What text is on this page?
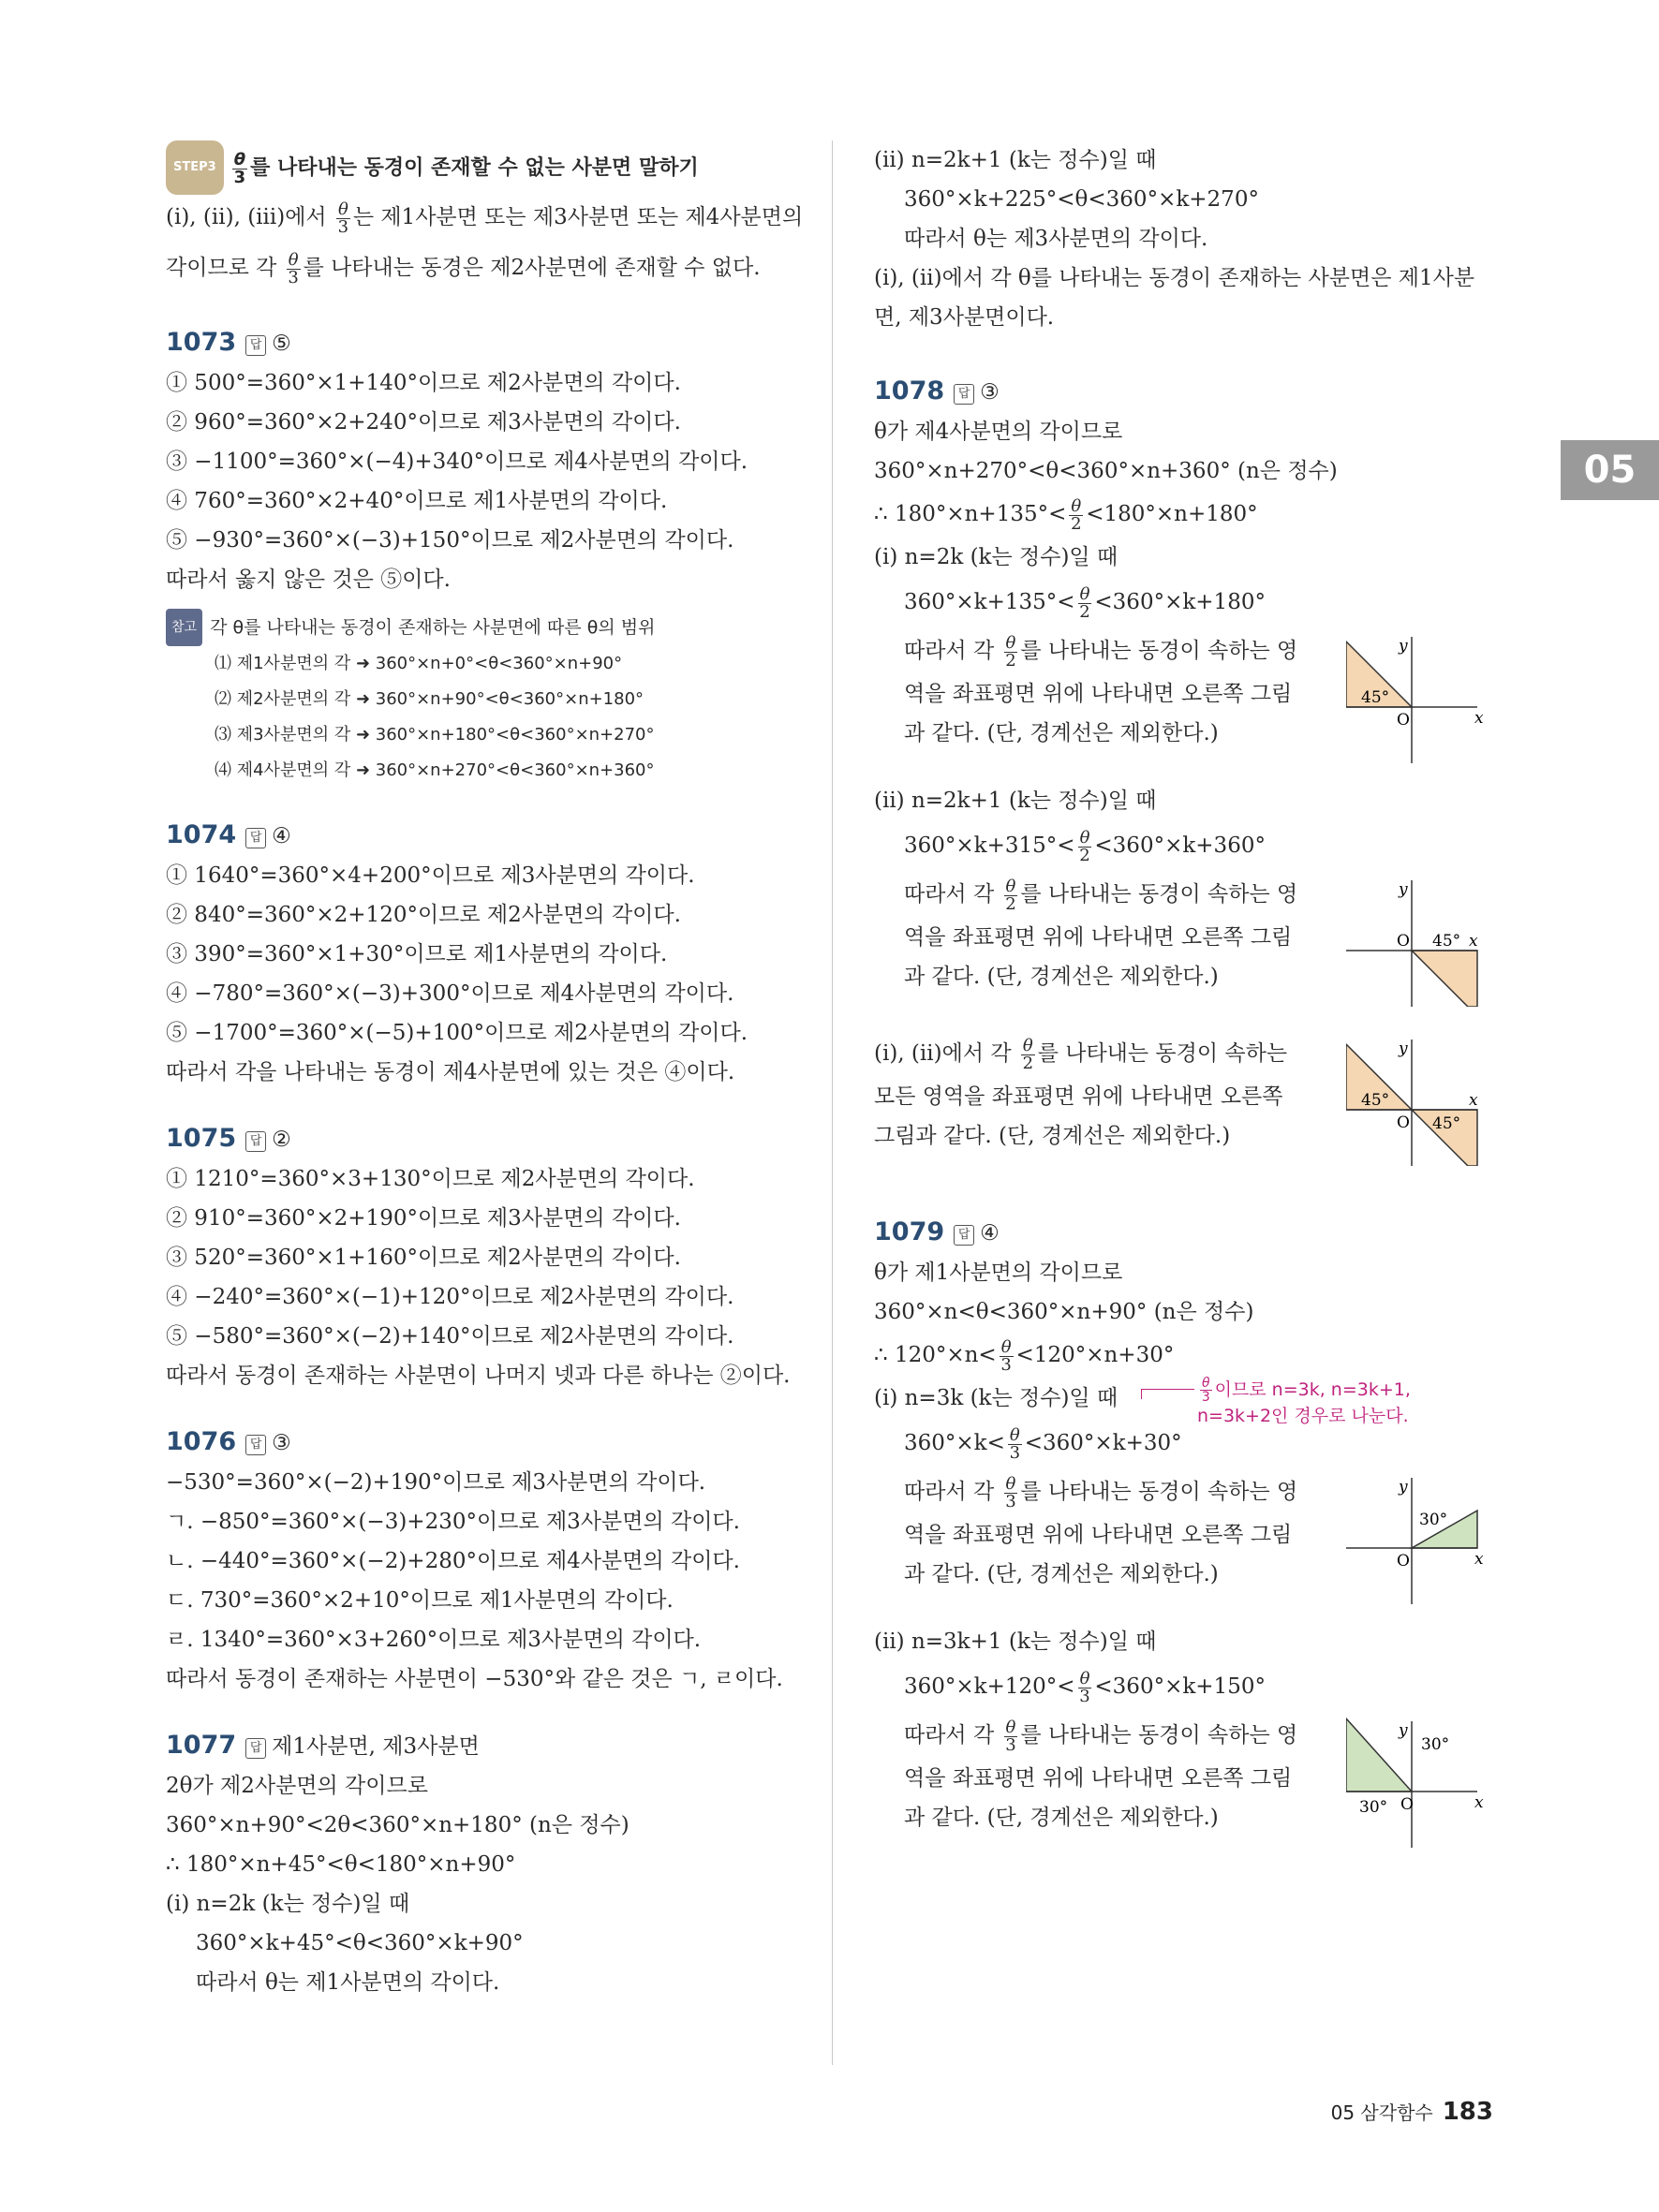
05
STEP3 $\frac{\theta}{3}$ 를 나타내는 동경이 존재할 수 없는 사분면 말하기
(ⅰ), (ⅱ), (ⅲ)에서 $\frac{\theta}{3}$ 는 제1사분면 또는 제3사분면 또는 제4사분면의
각이므로 각 $\frac{\theta}{3}$ 를 나타내는 동경은 제2사분면에 존재할 수 없다.
1073 답 ⑤
① 500°=360°×1+140°이므로 제2사분면의 각이다.
② 960°=360°×2+240°이므로 제3사분면의 각이다.
③ −1100°=360°×(−4)+340°이므로 제4사분면의 각이다.
④ 760°=360°×2+40°이므로 제1사분면의 각이다.
⑤ −930°=360°×(−3)+150°이므로 제2사분면의 각이다.
따라서 옳지 않은 것은 ⑤이다.
참고 각 θ를 나타내는 동경이 존재하는 사분면에 따른 θ의 범위
⑴ 제1사분면의 각 ➜ 360°×n+0°<θ<360°×n+90°
⑵ 제2사분면의 각 ➜ 360°×n+90°<θ<360°×n+180°
⑶ 제3사분면의 각 ➜ 360°×n+180°<θ<360°×n+270°
⑷ 제4사분면의 각 ➜ 360°×n+270°<θ<360°×n+360°
1074 답 ④
① 1640°=360°×4+200°이므로 제3사분면의 각이다.
② 840°=360°×2+120°이므로 제2사분면의 각이다.
③ 390°=360°×1+30°이므로 제1사분면의 각이다.
④ −780°=360°×(−3)+300°이므로 제4사분면의 각이다.
⑤ −1700°=360°×(−5)+100°이므로 제2사분면의 각이다.
따라서 각을 나타내는 동경이 제4사분면에 있는 것은 ④이다.
1075 답 ②
① 1210°=360°×3+130°이므로 제2사분면의 각이다.
② 910°=360°×2+190°이므로 제3사분면의 각이다.
③ 520°=360°×1+160°이므로 제2사분면의 각이다.
④ −240°=360°×(−1)+120°이므로 제2사분면의 각이다.
⑤ −580°=360°×(−2)+140°이므로 제2사분면의 각이다.
따라서 동경이 존재하는 사분면이 나머지 넷과 다른 하나는 ②이다.
1076 답 ③
−530°=360°×(−2)+190°이므로 제3사분면의 각이다.
ㄱ. −850°=360°×(−3)+230°이므로 제3사분면의 각이다.
ㄴ. −440°=360°×(−2)+280°이므로 제4사분면의 각이다.
ㄷ. 730°=360°×2+10°이므로 제1사분면의 각이다.
ㄹ. 1340°=360°×3+260°이므로 제3사분면의 각이다.
따라서 동경이 존재하는 사분면이 −530°와 같은 것은 ㄱ, ㄹ이다.
1077 답 제1사분면, 제3사분면
2θ가 제2사분면의 각이므로
360°×n+90°<2θ<360°×n+180° (n은 정수)
∴ 180°×n+45°<θ<180°×n+90°
(ⅰ) n=2k (k는 정수)일 때
360°×k+45°<θ<360°×k+90°
따라서 θ는 제1사분면의 각이다.
(ⅱ) n=2k+1 (k는 정수)일 때
360°×k+225°<θ<360°×k+270°
따라서 θ는 제3사분면의 각이다.
(ⅰ), (ⅱ)에서 각 θ를 나타내는 동경이 존재하는 사분면은 제1사분
면, 제3사분면이다.
1078 답 ③
θ가 제4사분면의 각이므로
360°×n+270°<θ<360°×n+360° (n은 정수)
∴ $180^\circ\times n+135^\circ< \frac{\theta}{2} <180^\circ\times n+180^\circ$
(ⅰ) n=2k (k는 정수)일 때
$360^\circ\times k+135^\circ< \frac{\theta}{2} <360^\circ\times k+180^\circ$
따라서 각 $\frac{\theta}{2}$ 를 나타내는 동경이 속하는 영
역을 좌표평면 위에 나타내면 오른쪽 그림
과 같다. (단, 경계선은 제외한다.)
45°
O	x
y
(ⅱ) n=2k+1 (k는 정수)일 때
$360^\circ\times k+315^\circ< \frac{\theta}{2} <360^\circ\times k+360^\circ$
따라서 각 $\frac{\theta}{2}$ 를 나타내는 동경이 속하는 영
역을 좌표평면 위에 나타내면 오른쪽 그림
과 같다. (단, 경계선은 제외한다.)
45°
O	x
y
(ⅰ), (ⅱ)에서 각 $\frac{\theta}{2}$ 를 나타내는 동경이 속하는
모든 영역을 좌표평면 위에 나타내면 오른쪽
그림과 같다. (단, 경계선은 제외한다.)
45°
45°
O
x
y
1079 답 ④
θ가 제1사분면의 각이므로
360°×n<θ<360°×n+90° (n은 정수)
∴ $120^\circ\times n< \frac{\theta}{3} <120^\circ\times n+30^\circ$
(ⅰ) n=3k (k는 정수)일 때	$\frac{\theta}{3}$ 이므로 n=3k, n=3k+1,
n=3k+2인 경우로 나눈다.
$360^\circ\times k< \frac{\theta}{3} <360^\circ\times k+30^\circ$
따라서 각 $\frac{\theta}{3}$ 를 나타내는 동경이 속하는 영
역을 좌표평면 위에 나타내면 오른쪽 그림
과 같다. (단, 경계선은 제외한다.)
30°
O	x
y
(ⅱ) n=3k+1 (k는 정수)일 때
$360^\circ\times k+120^\circ< \frac{\theta}{3} <360^\circ\times k+150^\circ$
따라서 각 $\frac{\theta}{3}$ 를 나타내는 동경이 속하는 영
역을 좌표평면 위에 나타내면 오른쪽 그림
과 같다. (단, 경계선은 제외한다.)
30°
30° O	x
y
05 삼각함수 183
